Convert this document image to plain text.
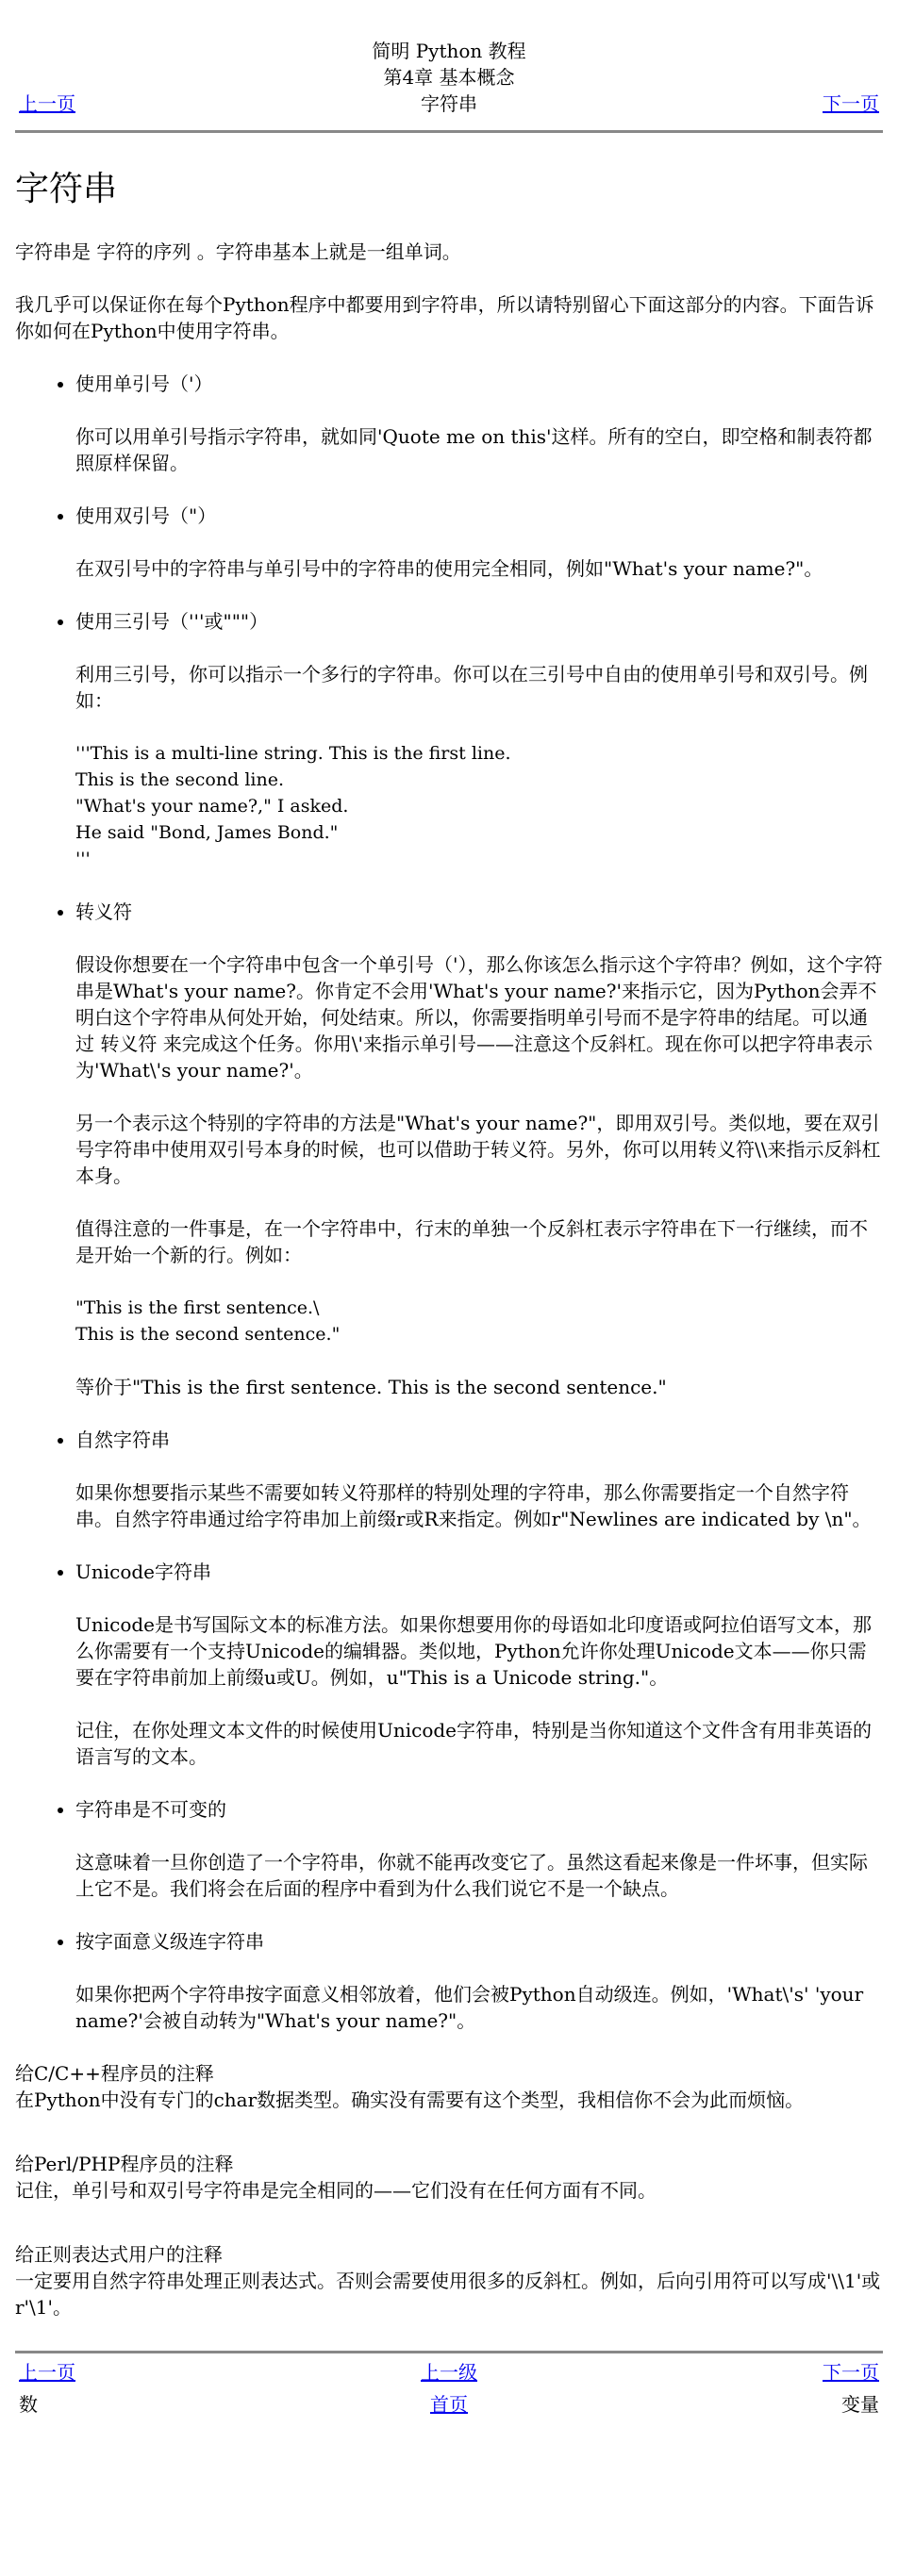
简明 Python 教程

第4章 基本概念

上一页	字符串	下一页
字符串

字符串是 字符的序列 。字符串基本上就是一组单词。

我几乎可以保证你在每个Python程序中都要用到字符串，所以请特别留心下面这部分的内容。下面告诉你如何在Python中使用字符串。

• 使用单引号（'）

你可以用单引号指示字符串，就如同'Quote me on this'这样。所有的空白，即空格和制表符都照原样保留。

• 使用双引号（"）

在双引号中的字符串与单引号中的字符串的使用完全相同，例如"What's your name?"。

• 使用三引号（'''或"""）

利用三引号，你可以指示一个多行的字符串。你可以在三引号中自由的使用单引号和双引号。例如：

'''This is a multi-line string. This is the first line.
This is the second line.
"What's your name?," I asked.
He said "Bond, James Bond."
'''

• 转义符

假设你想要在一个字符串中包含一个单引号（'），那么你该怎么指示这个字符串？例如，这个字符串是What's your name?。你肯定不会用'What's your name?'来指示它，因为Python会弄不明白这个字符串从何处开始，何处结束。所以，你需要指明单引号而不是字符串的结尾。可以通过 转义符 来完成这个任务。你用\'来指示单引号——注意这个反斜杠。现在你可以把字符串表示为'What\'s your name?'。

另一个表示这个特别的字符串的方法是"What's your name?"，即用双引号。类似地，要在双引号字符串中使用双引号本身的时候，也可以借助于转义符。另外，你可以用转义符\\来指示反斜杠本身。

值得注意的一件事是，在一个字符串中，行末的单独一个反斜杠表示字符串在下一行继续，而不是开始一个新的行。例如：

"This is the first sentence.\
This is the second sentence."

等价于"This is the first sentence. This is the second sentence."

• 自然字符串

如果你想要指示某些不需要如转义符那样的特别处理的字符串，那么你需要指定一个自然字符串。自然字符串通过给字符串加上前缀r或R来指定。例如r"Newlines are indicated by \n"。

• Unicode字符串

Unicode是书写国际文本的标准方法。如果你想要用你的母语如北印度语或阿拉伯语写文本，那么你需要有一个支持Unicode的编辑器。类似地，Python允许你处理Unicode文本——你只需要在字符串前加上前缀u或U。例如，u"This is a Unicode string."。

记住，在你处理文本文件的时候使用Unicode字符串，特别是当你知道这个文件含有用非英语的语言写的文本。

• 字符串是不可变的

这意味着一旦你创造了一个字符串，你就不能再改变它了。虽然这看起来像是一件坏事，但实际上它不是。我们将会在后面的程序中看到为什么我们说它不是一个缺点。

• 按字面意义级连字符串

如果你把两个字符串按字面意义相邻放着，他们会被Python自动级连。例如，'What\'s' 'your name?'会被自动转为"What's your name?"。

给C/C++程序员的注释

在Python中没有专门的char数据类型。确实没有需要有这个类型，我相信你不会为此而烦恼。

给Perl/PHP程序员的注释

记住，单引号和双引号字符串是完全相同的——它们没有在任何方面有不同。

给正则表达式用户的注释

一定要用自然字符串处理正则表达式。否则会需要使用很多的反斜杠。例如，后向引用符可以写成'\\1'或r'\1'。

上一页	上一级	下一页
数	首页	变量
